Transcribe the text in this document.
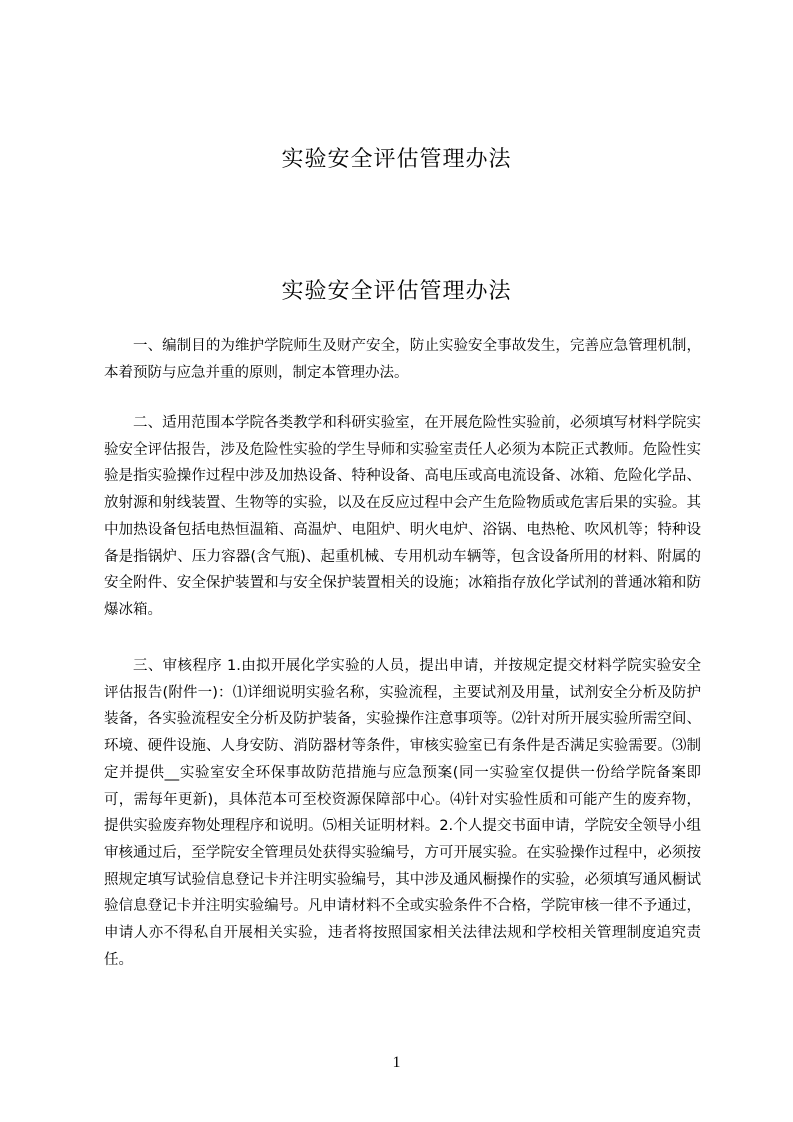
实验安全评估管理办法
实验安全评估管理办法

一、编制目的为维护学院师生及财产安全，防止实验安全事故发生，完善应急管理机制，本着预防与应急并重的原则，制定本管理办法。

二、适用范围本学院各类教学和科研实验室，在开展危险性实验前，必须填写材料学院实验安全评估报告，涉及危险性实验的学生导师和实验室责任人必须为本院正式教师。危险性实验是指实验操作过程中涉及加热设备、特种设备、高电压或高电流设备、冰箱、危险化学品、放射源和射线装置、生物等的实验，以及在反应过程中会产生危险物质或危害后果的实验。其中加热设备包括电热恒温箱、高温炉、电阻炉、明火电炉、浴锅、电热枪、吹风机等；特种设备是指锅炉、压力容器(含气瓶)、起重机械、专用机动车辆等，包含设备所用的材料、附属的安全附件、安全保护装置和与安全保护装置相关的设施；冰箱指存放化学试剂的普通冰箱和防爆冰箱。

三、审核程序 1.由拟开展化学实验的人员，提出申请，并按规定提交材料学院实验安全评估报告(附件一)：⑴详细说明实验名称，实验流程，主要试剂及用量，试剂安全分析及防护装备，各实验流程安全分析及防护装备，实验操作注意事项等。⑵针对所开展实验所需空间、环境、硬件设施、人身安防、消防器材等条件，审核实验室已有条件是否满足实验需要。⑶制定并提供__实验室安全环保事故防范措施与应急预案(同一实验室仅提供一份给学院备案即可，需每年更新)，具体范本可至校资源保障部中心。⑷针对实验性质和可能产生的废弃物，提供实验废弃物处理程序和说明。⑸相关证明材料。2.个人提交书面申请，学院安全领导小组审核通过后，至学院安全管理员处获得实验编号，方可开展实验。在实验操作过程中，必须按照规定填写试验信息登记卡并注明实验编号，其中涉及通风橱操作的实验，必须填写通风橱试验信息登记卡并注明实验编号。凡申请材料不全或实验条件不合格，学院审核一律不予通过，申请人亦不得私自开展相关实验，违者将按照国家相关法律法规和学校相关管理制度追究责任。

1
